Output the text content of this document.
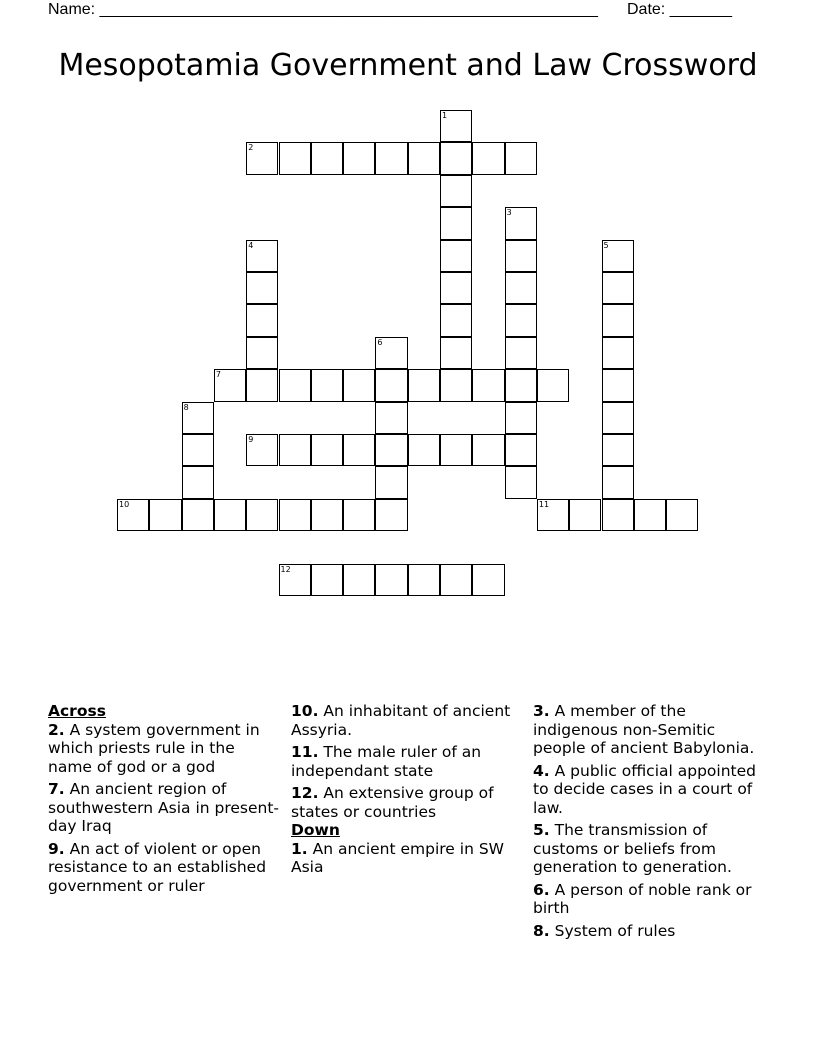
Name: ________________________________________________________ Date: _______
Mesopotamia Government and Law Crossword
1
2
3
4	5
6
7
8
9
10	11
12

Across

2. A system government in which priests rule in the name of god or a god

7. An ancient region of southwestern Asia in present-day Iraq

9. An act of violent or open resistance to an established government or ruler

10. An inhabitant of ancient Assyria.

11. The male ruler of an independant state

12. An extensive group of states or countries

Down

1. An ancient empire in SW Asia

3. A member of the indigenous non-Semitic people of ancient Babylonia.

4. A public official appointed to decide cases in a court of law.

5. The transmission of customs or beliefs from generation to generation.

6. A person of noble rank or birth

8. System of rules
